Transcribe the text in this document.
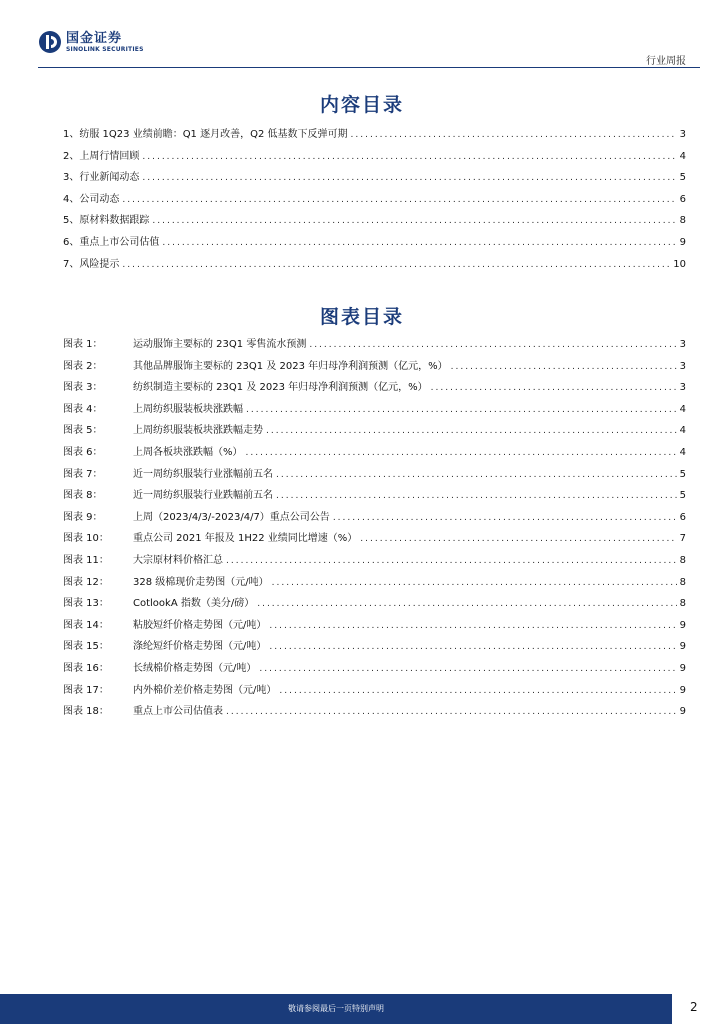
国金证券
SINOLINK SECURITIES
行业周报
内容目录
1、 纺服 1Q23 业绩前瞻：Q1 逐月改善，Q2 低基数下反弹可期 .....	3
2、 上周行情回顾 .....	4
3、 行业新闻动态 .....	5
4、 公司动态 .....	6
5、 原材料数据跟踪 .....	8
6、 重点上市公司估值 .....	9
7、 风险提示 .....	10
图表目录
图表 1：	运动服饰主要标的 23Q1 零售流水预测 .....	3
图表 2：	其他品牌服饰主要标的 23Q1 及 2023 年归母净利润预测（亿元，%） .....	3
图表 3：	纺织制造主要标的 23Q1 及 2023 年归母净利润预测（亿元，%） .....	3
图表 4：	上周纺织服装板块涨跌幅 .....	4
图表 5：	上周纺织服装板块涨跌幅走势 .....	4
图表 6：	上周各板块涨跌幅（%） .....	4
图表 7：	近一周纺织服装行业涨幅前五名 .....	5
图表 8：	近一周纺织服装行业跌幅前五名 .....	5
图表 9：	上周（2023/4/3/-2023/4/7）重点公司公告 .....	6
图表 10：	重点公司 2021 年报及 1H22 业绩同比增速（%） .....	7
图表 11：	大宗原材料价格汇总 .....	8
图表 12：	328 级棉现价走势图（元/吨） .....	8
图表 13：	CotlookA 指数（美分/磅） .....	8
图表 14：	粘胶短纤价格走势图（元/吨） .....	9
图表 15：	涤纶短纤价格走势图（元/吨） .....	9
图表 16：	长绒棉价格走势图（元/吨） .....	9
图表 17：	内外棉价差价格走势图（元/吨） .....	9
图表 18：	重点上市公司估值表 .....	9
敬请参阅最后一页特别声明	2
